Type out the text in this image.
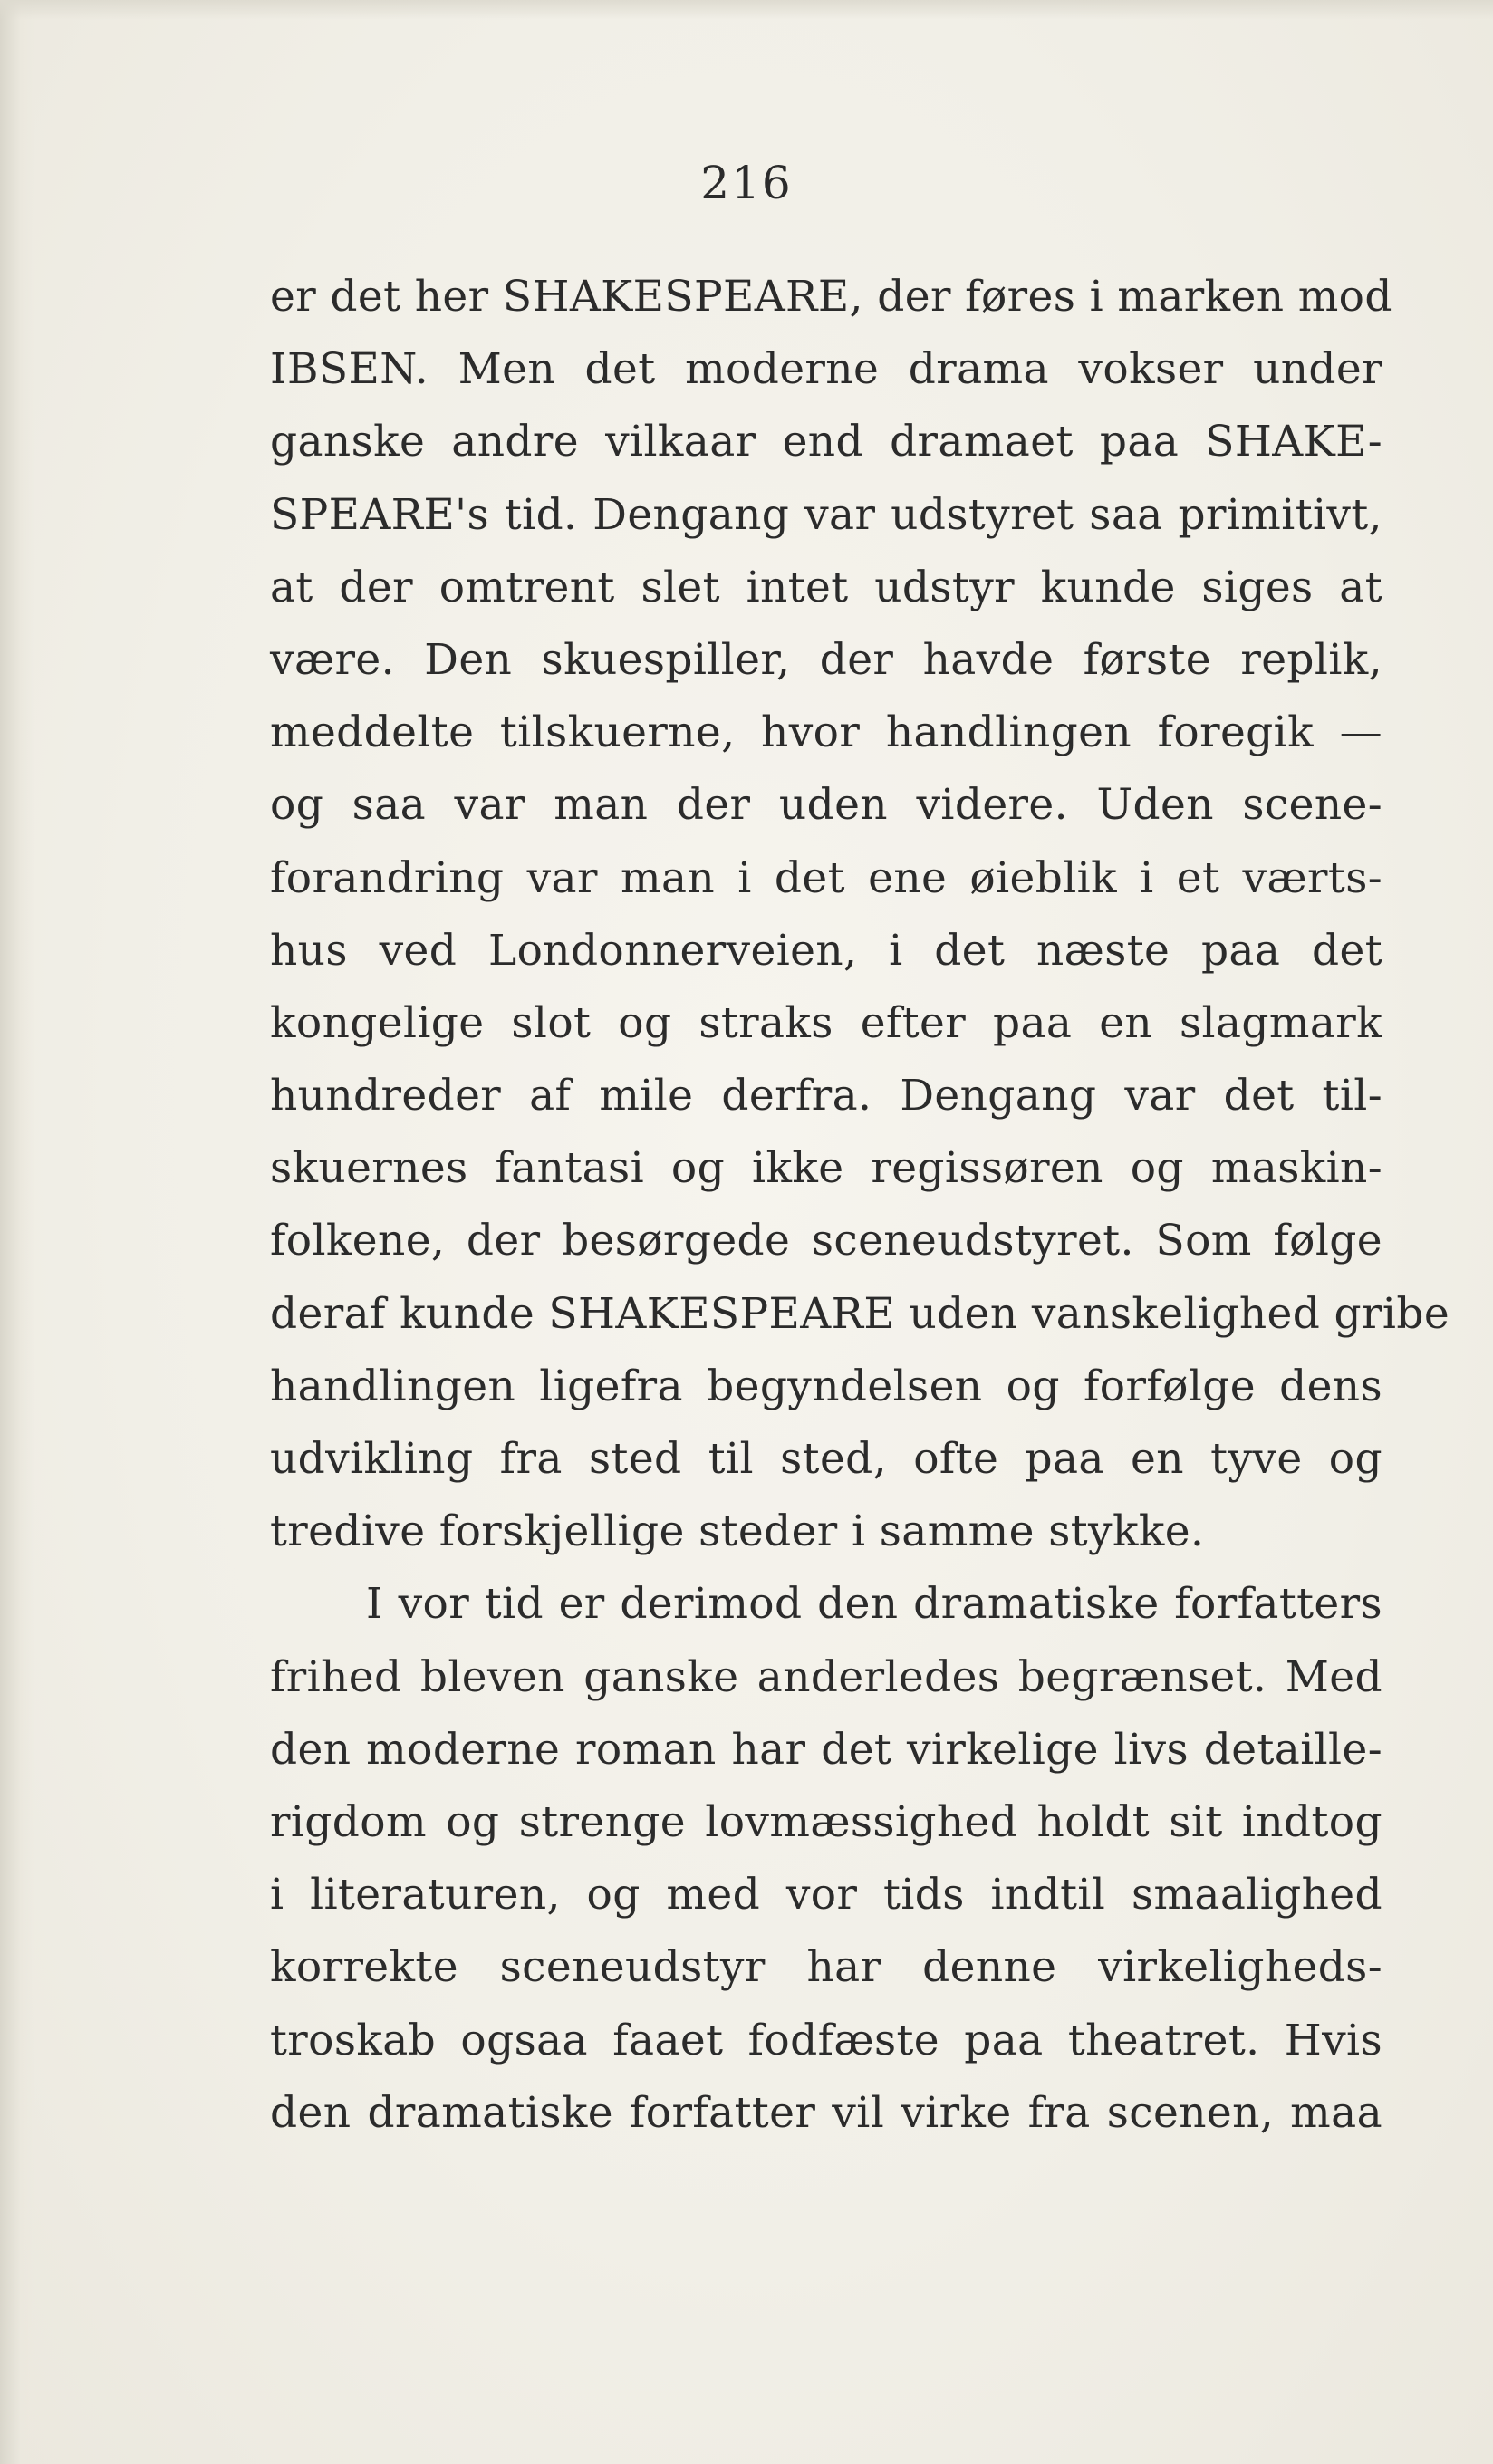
216
er det her SHAKESPEARE, der føres i marken mod
IBSEN. Men det moderne drama vokser under
ganske andre vilkaar end dramaet paa SHAKE-
SPEARE's tid. Dengang var udstyret saa primitivt,
at der omtrent slet intet udstyr kunde siges at
være. Den skuespiller, der havde første replik,
meddelte tilskuerne, hvor handlingen foregik —
og saa var man der uden videre. Uden scene-
forandring var man i det ene øieblik i et værts-
hus ved Londonnerveien, i det næste paa det
kongelige slot og straks efter paa en slagmark
hundreder af mile derfra. Dengang var det til-
skuernes fantasi og ikke regissøren og maskin-
folkene, der besørgede sceneudstyret. Som følge
deraf kunde SHAKESPEARE uden vanskelighed gribe
handlingen ligefra begyndelsen og forfølge dens
udvikling fra sted til sted, ofte paa en tyve og
tredive forskjellige steder i samme stykke.
I vor tid er derimod den dramatiske forfatters
frihed bleven ganske anderledes begrænset. Med
den moderne roman har det virkelige livs detaille-
rigdom og strenge lovmæssighed holdt sit indtog
i literaturen, og med vor tids indtil smaalighed
korrekte sceneudstyr har denne virkeligheds-
troskab ogsaa faaet fodfæste paa theatret. Hvis
den dramatiske forfatter vil virke fra scenen, maa
